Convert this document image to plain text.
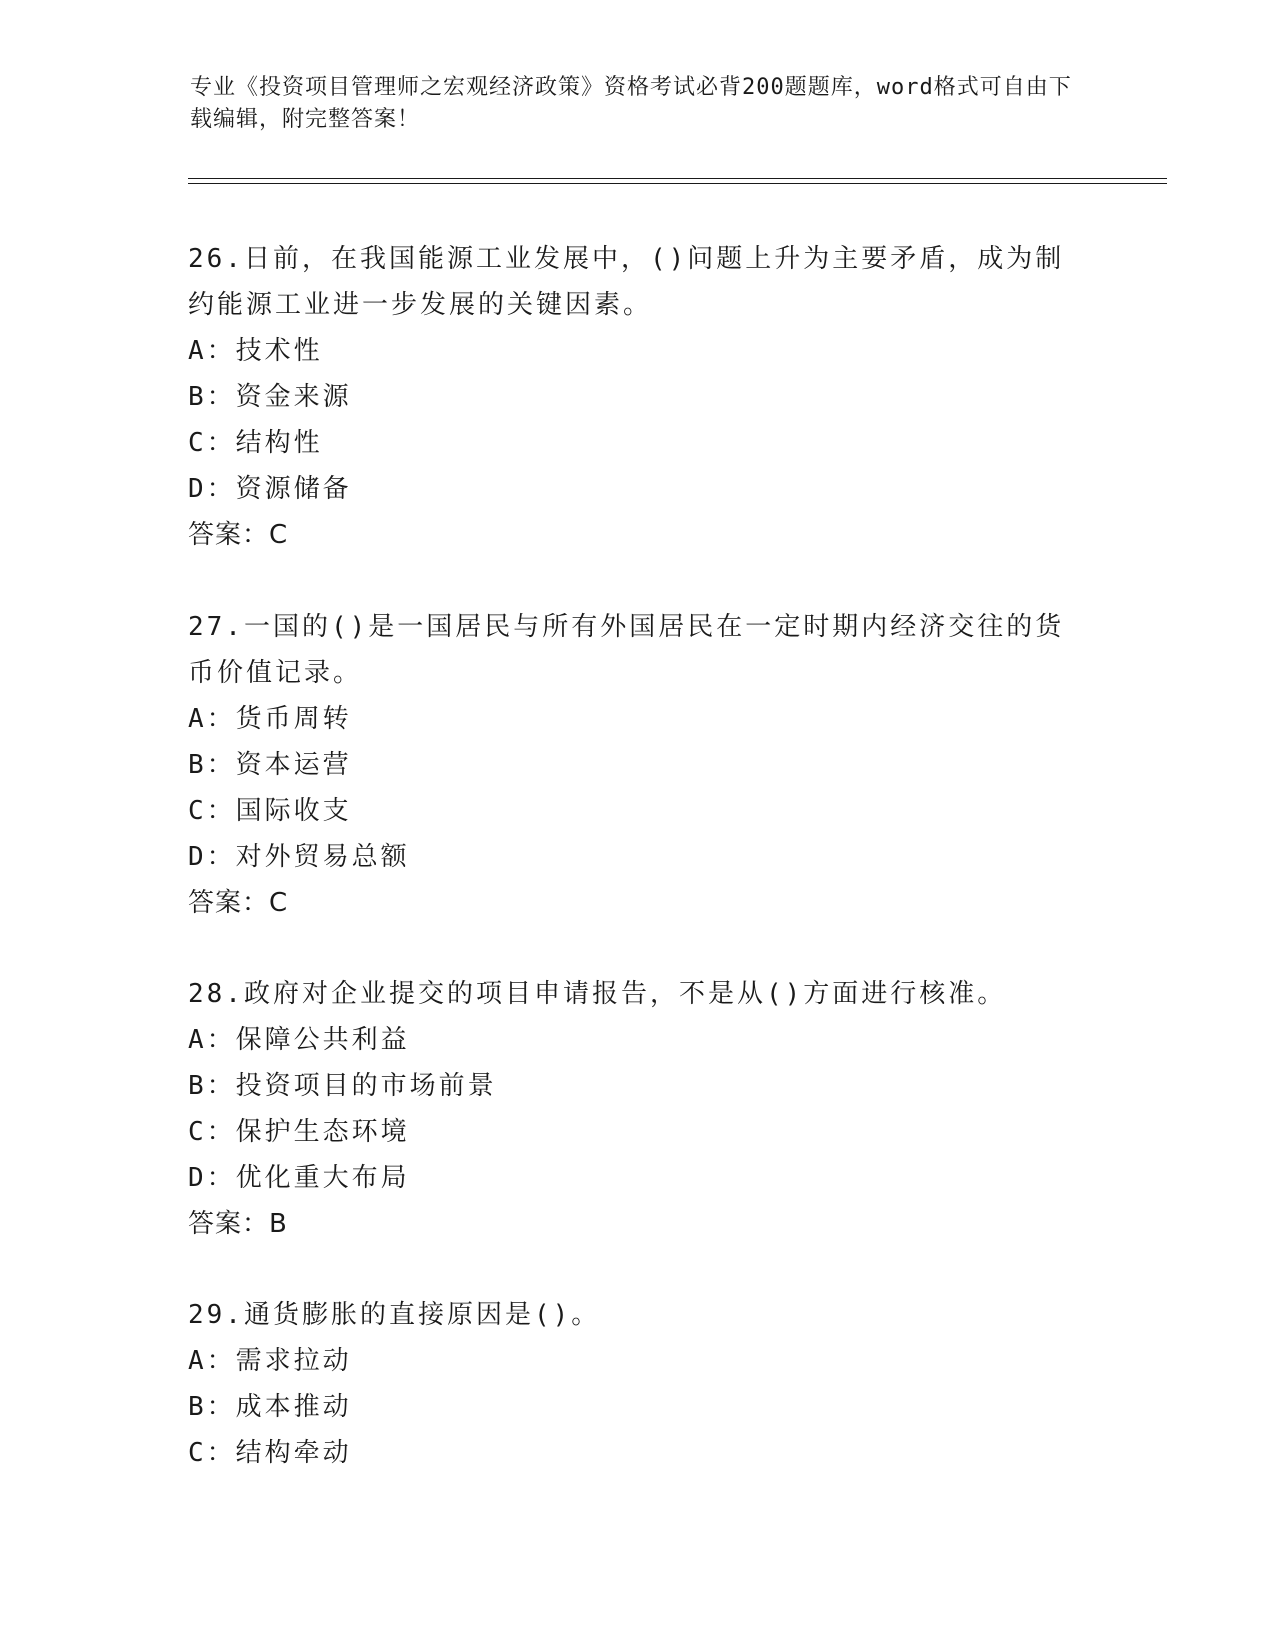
专业《投资项目管理师之宏观经济政策》资格考试必背200题题库，word格式可自由下载编辑，附完整答案！

26.日前，在我国能源工业发展中，()问题上升为主要矛盾，成为制约能源工业进一步发展的关键因素。

A：技术性

B：资金来源

C：结构性

D：资源储备

答案：C

27.一国的()是一国居民与所有外国居民在一定时期内经济交往的货币价值记录。

A：货币周转

B：资本运营

C：国际收支

D：对外贸易总额

答案：C

28.政府对企业提交的项目申请报告，不是从()方面进行核准。

A：保障公共利益

B：投资项目的市场前景

C：保护生态环境

D：优化重大布局

答案：B

29.通货膨胀的直接原因是()。

A：需求拉动

B：成本推动

C：结构牵动
